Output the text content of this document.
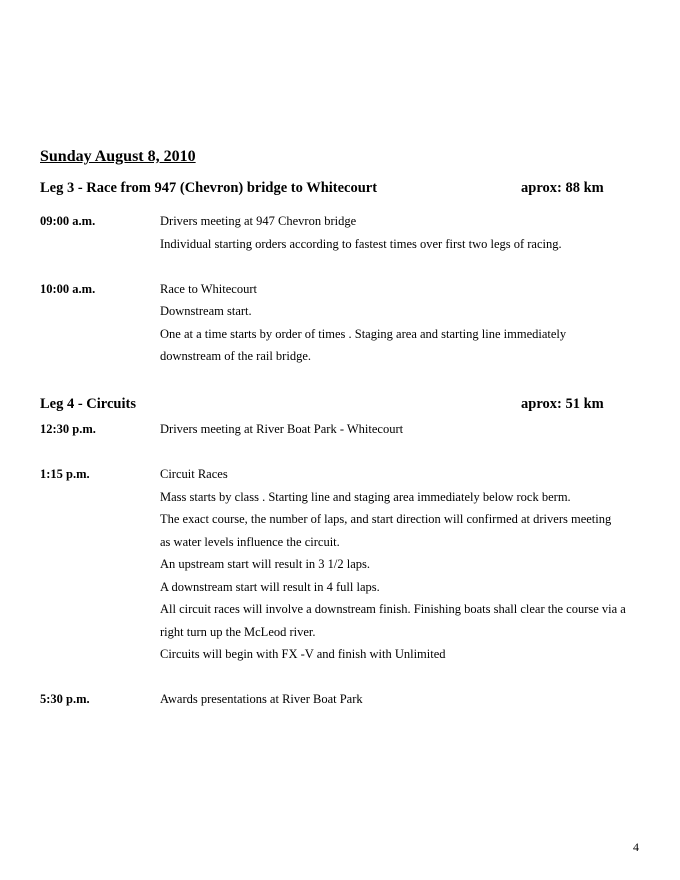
Sunday August 8, 2010
Leg 3 - Race from 947 (Chevron) bridge to Whitecourt	aprox: 88 km
09:00 a.m.	Drivers meeting at 947 Chevron bridge
Individual starting orders according to fastest times over first two legs of racing.
10:00 a.m.	Race to Whitecourt
Downstream start.
One at a time starts by order of times . Staging area and starting line immediately
downstream of the rail bridge.
Leg 4 - Circuits	aprox: 51 km
12:30 p.m.	Drivers meeting at River Boat Park - Whitecourt
1:15 p.m.	Circuit Races
Mass starts by class . Starting line and staging area immediately below rock berm.
The exact course, the number of laps, and start direction will confirmed at drivers meeting
as water levels influence the circuit.
An upstream start will result in 3 1/2 laps.
A downstream start will result in 4 full laps.
All circuit races will involve a downstream finish. Finishing boats shall clear the course via a
right turn up the McLeod river.
Circuits will begin with FX -V and finish with Unlimited
5:30 p.m.	Awards presentations at River Boat Park
4
